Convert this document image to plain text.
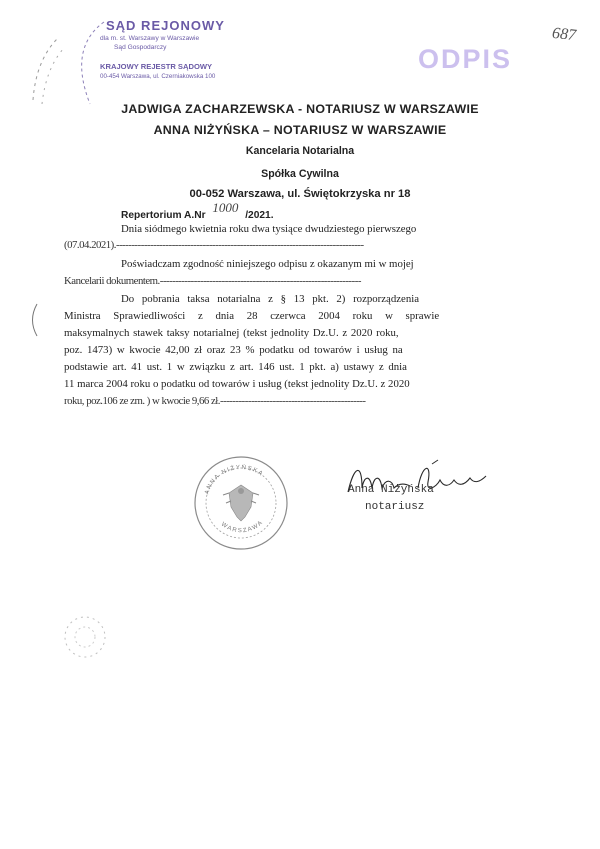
SĄD REJONOWY
dla m. st. Warszawy w Warszawie
Sąd Gospodarczy
KRAJOWY REJESTR SĄDOWY
00-454 Warszawa, ul. Czerniakowska 100
ODPIS
687
JADWIGA ZACHARZEWSKA - NOTARIUSZ W WARSZAWIE
ANNA NIŻYŃSKA – NOTARIUSZ W WARSZAWIE
Kancelaria Notarialna
Spółka Cywilna
00-052 Warszawa, ul. Świętokrzyska nr 18
Repertorium A.Nr 1000 /2021.
Dnia siódmego kwietnia roku dwa tysiące dwudziestego pierwszego
(07.04.2021).--------------------------------------------------------------------------------
Poświadczam zgodność niniejszego odpisu z okazanym mi w mojej
Kancelarii dokumentem.-----------------------------------------------------------------
Do pobrania taksa notarialna z § 13 pkt. 2) rozporządzenia
Ministra Sprawiedliwości z dnia 28 czerwca 2004 roku w sprawie
maksymalnych stawek taksy notarialnej (tekst jednolity Dz.U. z 2020 roku,
poz. 1473) w kwocie 42,00 zł oraz 23 % podatku od towarów i usług na
podstawie art. 41 ust. 1 w związku z art. 146 ust. 1 pkt. a) ustawy z dnia
11 marca 2004 roku o podatku od towarów i usług (tekst jednolity Dz.U. z 2020
roku, poz.106 ze zm. ) w kwocie 9,66 zł.-----------------------------------------------
ANNA NIŻYŃSKA
WARSZAWA
Anna Niżyńska
notariusz
